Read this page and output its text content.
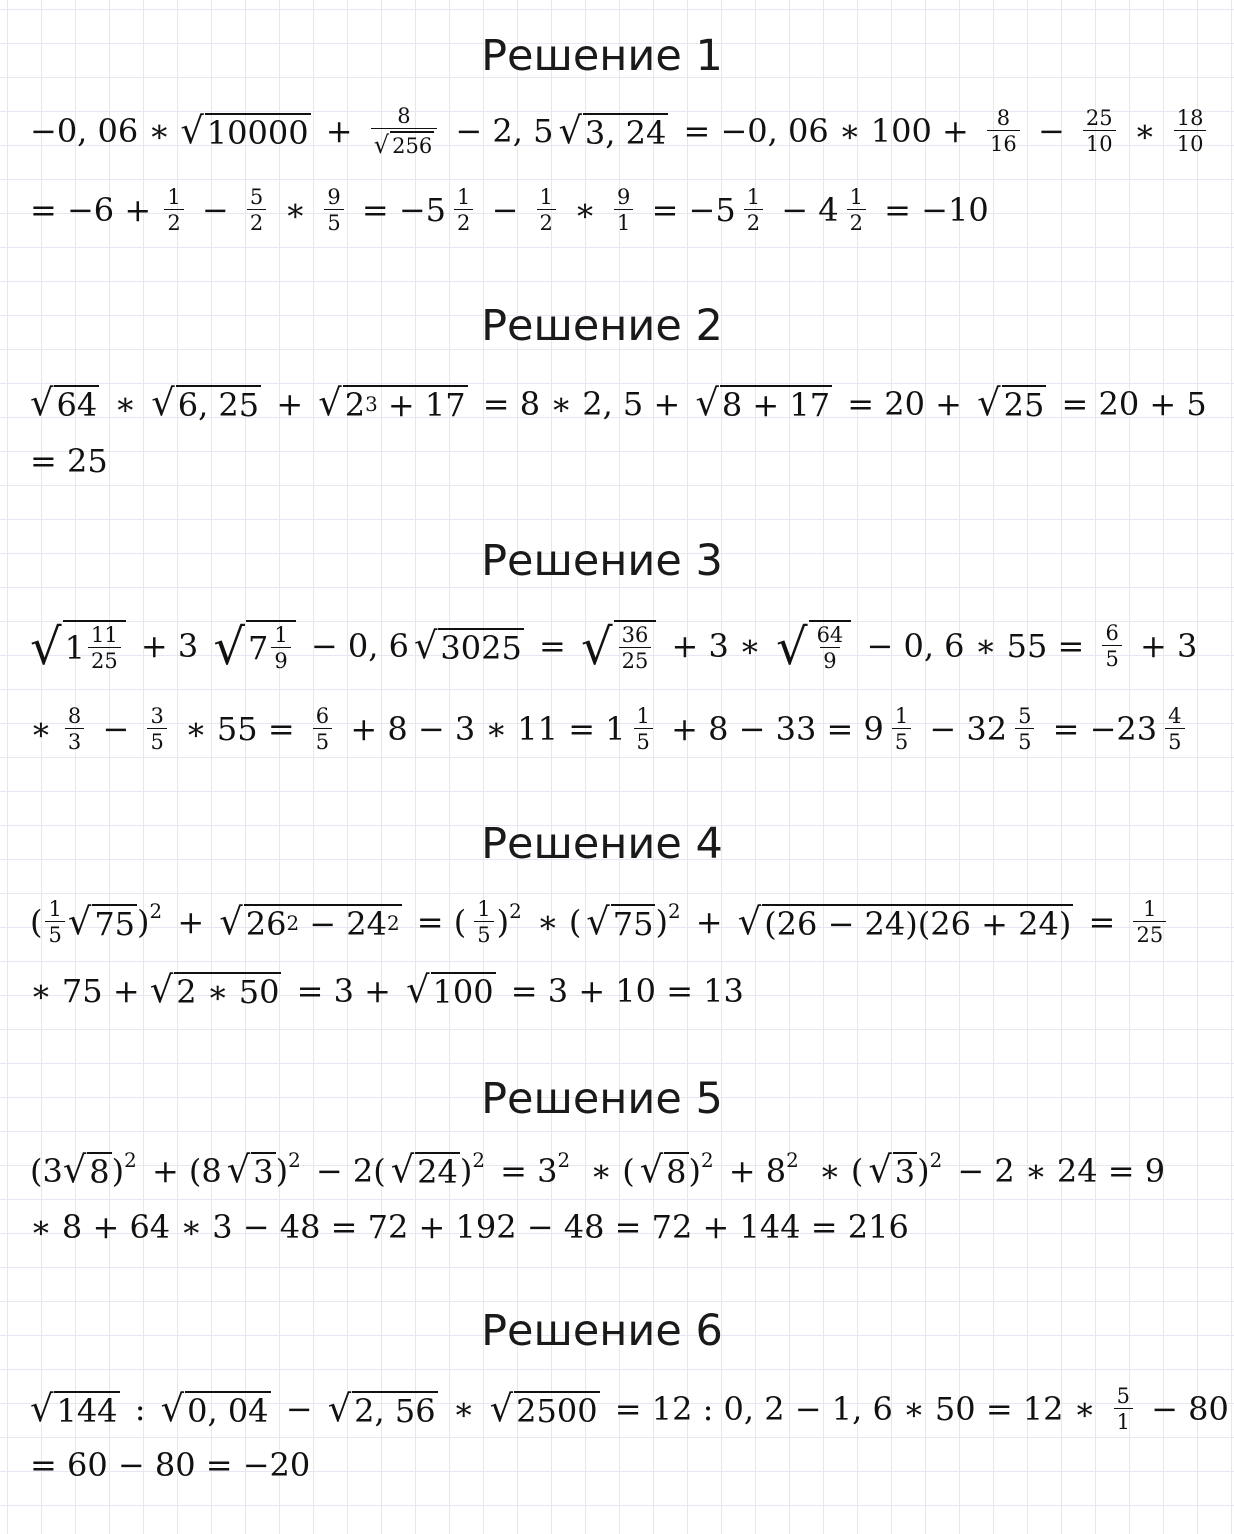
Решение 1
−0, 06 ∗ √ $10000 + \frac{8}{√ 256} - 2$, 5 √ 3, 24 = −0, 06 ∗ $100 + \frac{8}{16} - \frac{25}{10}$ ∗ $\frac{18}{10}$
= $-6 + \frac{1}{2} - \frac{5}{2}$ ∗ $\frac{9}{5} = -5 \frac{1}{2} - \frac{1}{2}$ ∗ $\frac{9}{1} = -5 \frac{1}{2} - 4 \frac{1}{2} = -10$
Решение 2
√ 64 ∗ √ 6, 25 + √ 2 3
+ 17 = 8 ∗ 2, 5 + √ 8 + 17 = 20 + √ 25 = 20 + 5
= 25
Решение 3
√ $1 \frac{11}{25} + 3$ √ $7 \frac{1}{9} - 0$, 6 √ 3025 = √ $\frac{36}{25} + 3$ ∗ √ $\frac{64}{9} - 0$, 6 ∗ $55 = \frac{6}{5} + 3$
∗ $\frac{8}{3} - \frac{3}{5}$ ∗ $55 = \frac{6}{5} + 8 - 3$ ∗ $11 = 1 \frac{1}{5} + 8 - 33 = 9 \frac{1}{5} - 32 \frac{5}{5} = -23 \frac{4}{5}$
Решение 4
( $\frac{1}{5}$ √ 75 )$^2$ + √ 26 2
− 24 2 = ( $\frac{1}{5} )^2$ ∗ ( √ 75 )$^2$ + √ $(26 - 24)(26 + 24) = \frac{1}{25}$
∗ 75 + √ 2 ∗ 50 = 3 + √ 100 = 3 + 10 = 13
Решение 5
(3 √ 8 )$^2$ + (8 √ 3 )$^2$ − 2( √ 24 )$^2 = 3^2$ ∗ ( √ 8 )$^2 + 8^2$ ∗ ( √ 3 )$^2$ − 2 ∗ 24 = 9
∗ 8 + 64 ∗ 3 − 48 = 72 + 192 − 48 = 72 + 144 = 216
Решение 6
√ 144 : √ 0, 04 − √ 2, 56 ∗ √ 2500 = 12 : 0, 2 − 1, 6 ∗ 50 = 12 ∗ $\frac{5}{1} - 80$
= 60 − 80 = −20
